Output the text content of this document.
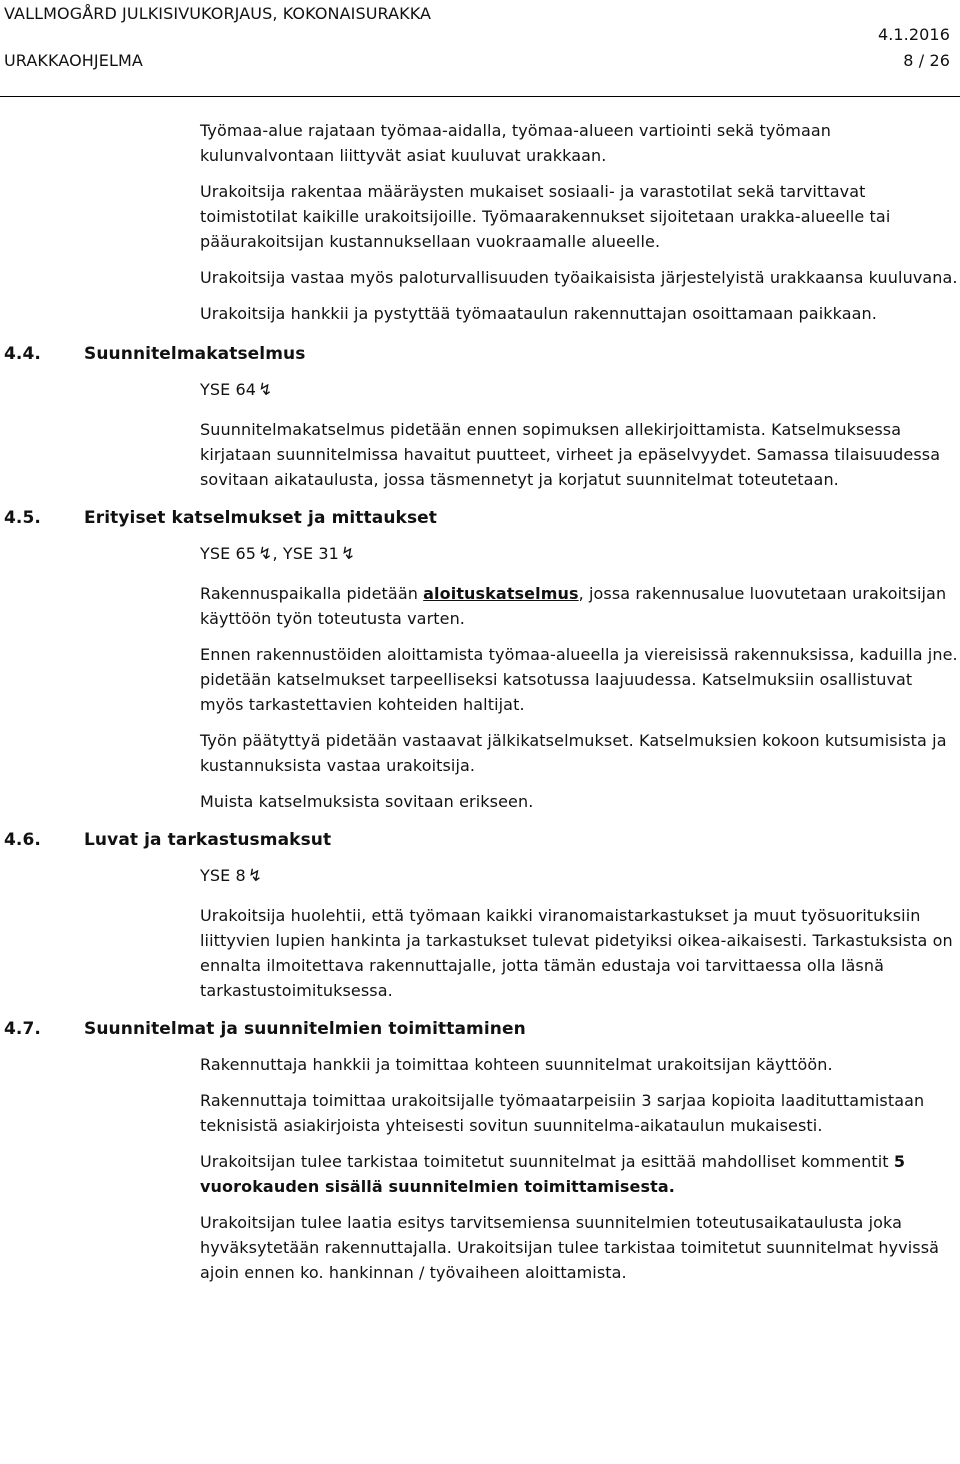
VALLMOGÅRD JULKISIVUKORJAUS, KOKONAISURAKKA
4.1.2016
URAKKAOHJELMA	8 / 26

Työmaa-alue rajataan työmaa-aidalla, työmaa-alueen vartiointi sekä työmaan kulunvalvontaan liittyvät asiat kuuluvat urakkaan.

Urakoitsija rakentaa määräysten mukaiset sosiaali- ja varastotilat sekä tarvittavat toimistotilat kaikille urakoitsijoille. Työmaarakennukset sijoitetaan urakka-alueelle tai pääurakoitsijan kustannuksellaan vuokraamalle alueelle.

Urakoitsija vastaa myös paloturvallisuuden työaikaisista järjestelyistä urakkaansa kuuluvana.

Urakoitsija hankkii ja pystyttää työmaataulun rakennuttajan osoittamaan paikkaan.

4.4.	Suunnitelmakatselmus
YSE 64 ↯

Suunnitelmakatselmus pidetään ennen sopimuksen allekirjoittamista. Katselmuksessa kirjataan suunnitelmissa havaitut puutteet, virheet ja epäselvyydet. Samassa tilaisuudessa sovitaan aikataulusta, jossa täsmennetyt ja korjatut suunnitelmat toteutetaan.

4.5.	Erityiset katselmukset ja mittaukset
YSE 65 ↯, YSE 31 ↯

Rakennuspaikalla pidetään aloituskatselmus, jossa rakennusalue luovutetaan urakoitsijan käyttöön työn toteutusta varten.

Ennen rakennustöiden aloittamista työmaa-alueella ja viereisissä rakennuksissa, kaduilla jne. pidetään katselmukset tarpeelliseksi katsotussa laajuudessa. Katselmuksiin osallistuvat myös tarkastettavien kohteiden haltijat.

Työn päätyttyä pidetään vastaavat jälkikatselmukset. Katselmuksien kokoon kutsumisista ja kustannuksista vastaa urakoitsija.

Muista katselmuksista sovitaan erikseen.

4.6.	Luvat ja tarkastusmaksut
YSE 8 ↯

Urakoitsija huolehtii, että työmaan kaikki viranomaistarkastukset ja muut työsuorituksiin liittyvien lupien hankinta ja tarkastukset tulevat pidetyiksi oikea-aikaisesti. Tarkastuksista on ennalta ilmoitettava rakennuttajalle, jotta tämän edustaja voi tarvittaessa olla läsnä tarkastustoimituksessa.

4.7.	Suunnitelmat ja suunnitelmien toimittaminen

Rakennuttaja hankkii ja toimittaa kohteen suunnitelmat urakoitsijan käyttöön.

Rakennuttaja toimittaa urakoitsijalle työmaatarpeisiin 3 sarjaa kopioita laadituttamistaan teknisistä asiakirjoista yhteisesti sovitun suunnitelma-aikataulun mukaisesti.

Urakoitsijan tulee tarkistaa toimitetut suunnitelmat ja esittää mahdolliset kommentit 5 vuorokauden sisällä suunnitelmien toimittamisesta.

Urakoitsijan tulee laatia esitys tarvitsemiensa suunnitelmien toteutusaikataulusta joka hyväksytetään rakennuttajalla. Urakoitsijan tulee tarkistaa toimitetut suunnitelmat hyvissä ajoin ennen ko. hankinnan / työvaiheen aloittamista.
